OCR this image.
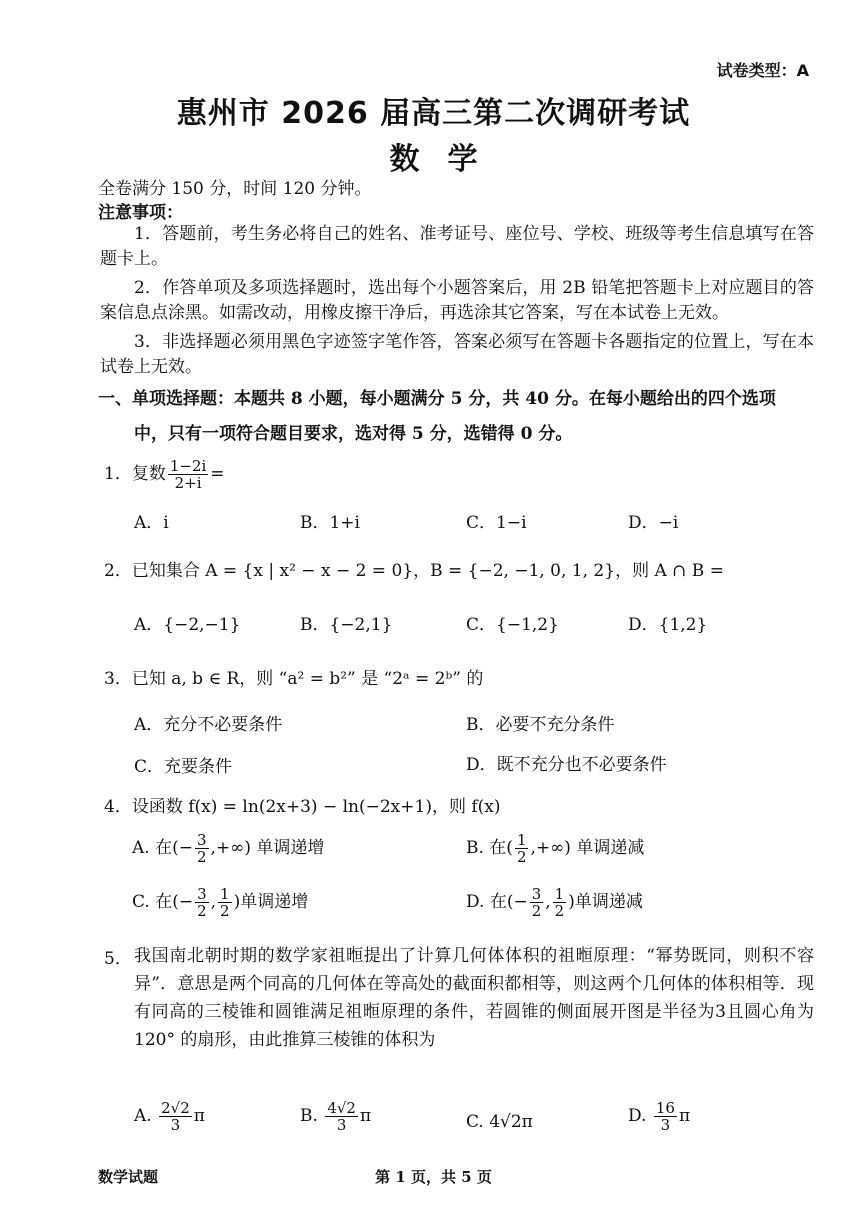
试卷类型：A
惠州市 2026 届高三第二次调研考试
数学
全卷满分 150 分，时间 120 分钟。
注意事项：
1．答题前，考生务必将自己的姓名、准考证号、座位号、学校、班级等考生信息填写在答题卡上。
2．作答单项及多项选择题时，选出每个小题答案后，用 2B 铅笔把答题卡上对应题目的答案信息点涂黑。如需改动，用橡皮擦干净后，再选涂其它答案，写在本试卷上无效。
3．非选择题必须用黑色字迹签字笔作答，答案必须写在答题卡各题指定的位置上，写在本试卷上无效。
一、单项选择题：本题共 8 小题，每小题满分 5 分，共 40 分。在每小题给出的四个选项
中，只有一项符合题目要求，选对得 5 分，选错得 0 分。
1．复数 $\frac{1-2i}{2+i}$ =
A．i	B．1+i	C．1−i	D．−i
2．已知集合 A = {x | x² − x − 2 = 0}，B = {−2, −1, 0, 1, 2}，则 A ∩ B =
A．{−2,−1}	B．{−2,1}	C．{−1,2}	D．{1,2}
3．已知 a, b ∈ R，则 “a² = b²” 是 “2ᵃ = 2ᵇ” 的
A．充分不必要条件	B．必要不充分条件
C．充要条件	D．既不充分也不必要条件
4．设函数 f(x) = ln(2x+3) − ln(−2x+1)，则 f(x)
A. 在(− $\frac{3}{2}$ ,+∞) 单调递增	B. 在( $\frac{1}{2}$ ,+∞) 单调递减
C. 在(− $\frac{3}{2}$ , $\frac{1}{2}$ )单调递增	D. 在(− $\frac{3}{2}$ , $\frac{1}{2}$ )单调递减
5． 我国南北朝时期的数学家祖暅提出了计算几何体体积的祖暅原理：“幂势既同，则积不容异”．意思是两个同高的几何体在等高处的截面积都相等，则这两个几何体的体积相等．现有同高的三棱锥和圆锥满足祖暅原理的条件，若圆锥的侧面展开图是半径为3且圆心角为 120° 的扇形，由此推算三棱锥的体积为
A. $\frac{2√2}{3}$ π	B. $\frac{4√2}{3}$ π	C. 4√2π	D. $\frac{16}{3}$ π
数学试题	第 1 页，共 5 页
